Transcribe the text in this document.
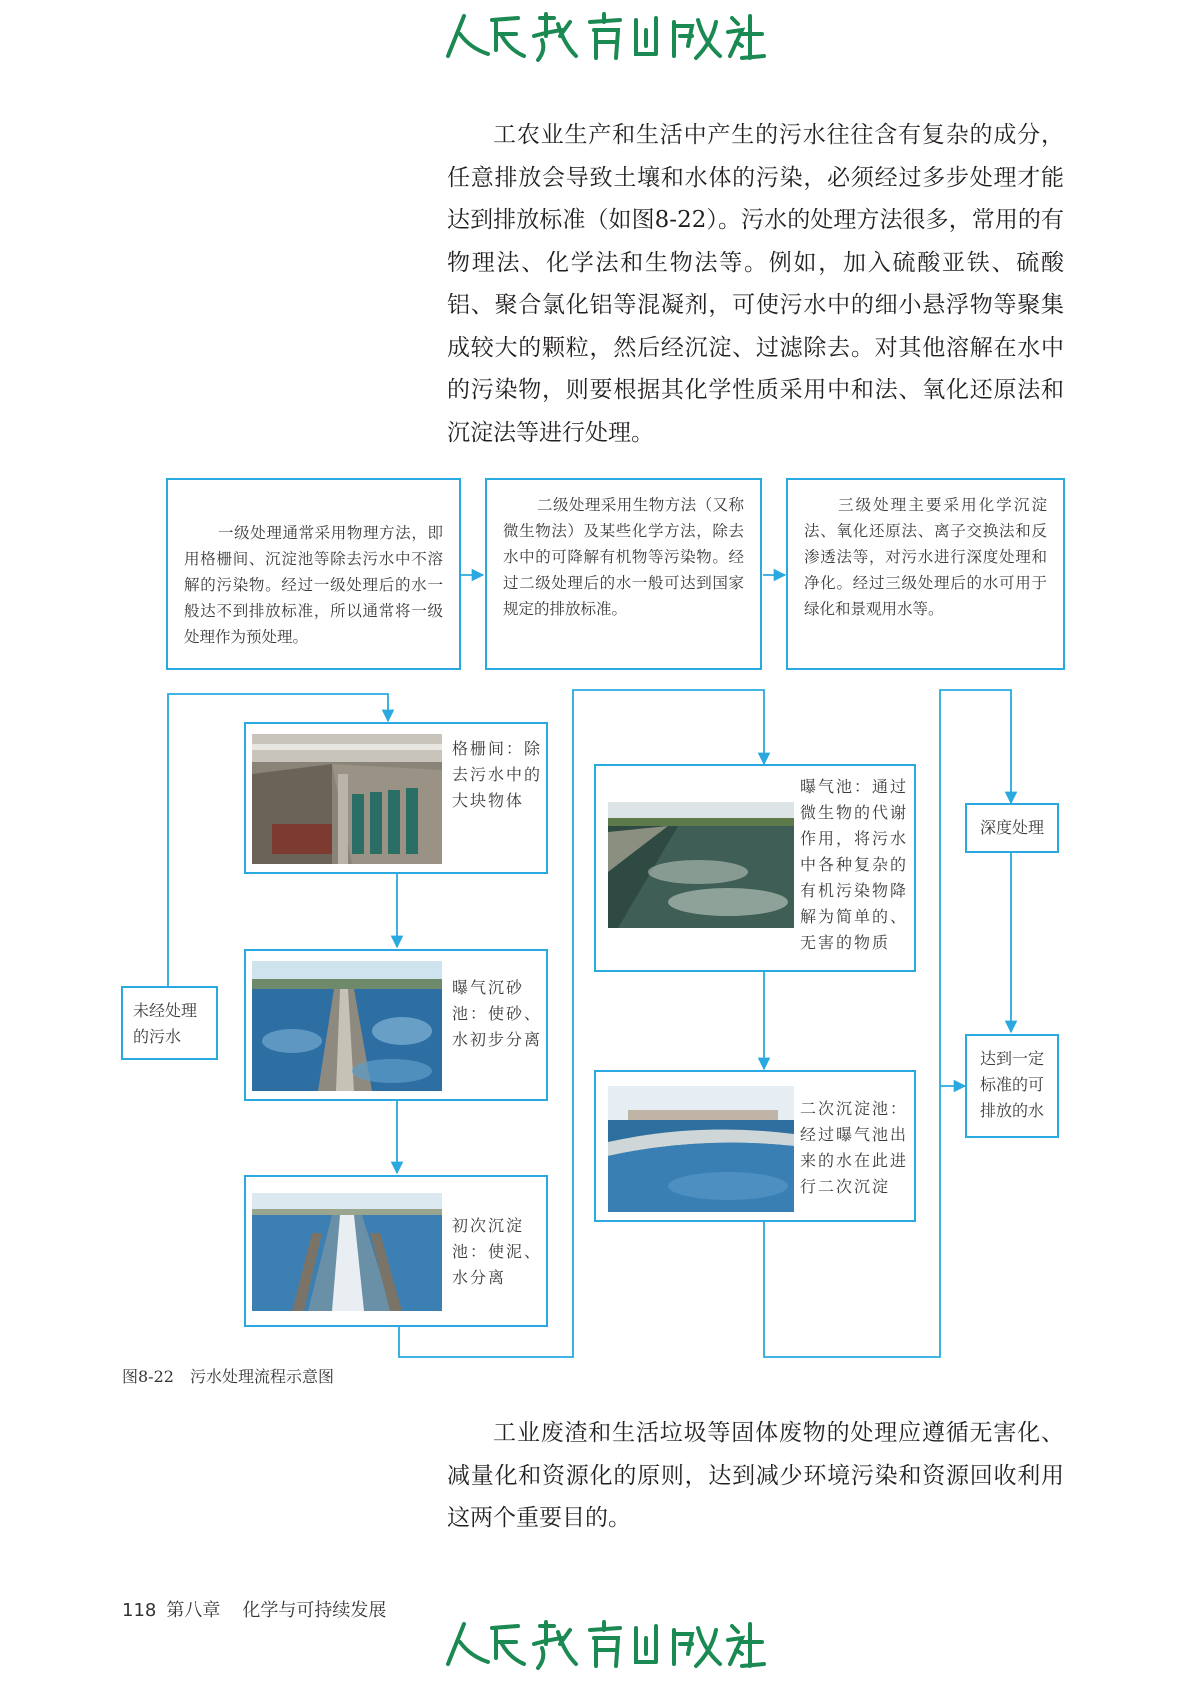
工农业生产和生活中产生的污水往往含有复杂的成分，任意排放会导致土壤和水体的污染，必须经过多步处理才能达到排放标准（如图8-22）。污水的处理方法很多，常用的有物理法、化学法和生物法等。例如，加入硫酸亚铁、硫酸铝、聚合氯化铝等混凝剂，可使污水中的细小悬浮物等聚集成较大的颗粒，然后经沉淀、过滤除去。对其他溶解在水中的污染物，则要根据其化学性质采用中和法、氧化还原法和沉淀法等进行处理。

一级处理通常采用物理方法，即用格栅间、沉淀池等除去污水中不溶解的污染物。经过一级处理后的水一般达不到排放标准，所以通常将一级处理作为预处理。
二级处理采用生物方法（又称微生物法）及某些化学方法，除去水中的可降解有机物等污染物。经过二级处理后的水一般可达到国家规定的排放标准。
三级处理主要采用化学沉淀法、氧化还原法、离子交换法和反渗透法等，对污水进行深度处理和净化。经过三级处理后的水可用于绿化和景观用水等。
未经处理的污水
格栅间：除去污水中的大块物体
曝气沉砂池：使砂、水初步分离
初次沉淀池：使泥、水分离
曝气池：通过微生物的代谢作用，将污水中各种复杂的有机污染物降解为简单的、无害的物质
二次沉淀池：经过曝气池出来的水在此进行二次沉淀
深度处理
达到一定标准的可排放的水
图8-22　污水处理流程示意图

工业废渣和生活垃圾等固体废物的处理应遵循无害化、减量化和资源化的原则，达到减少环境污染和资源回收利用这两个重要目的。

118 第八章 化学与可持续发展
